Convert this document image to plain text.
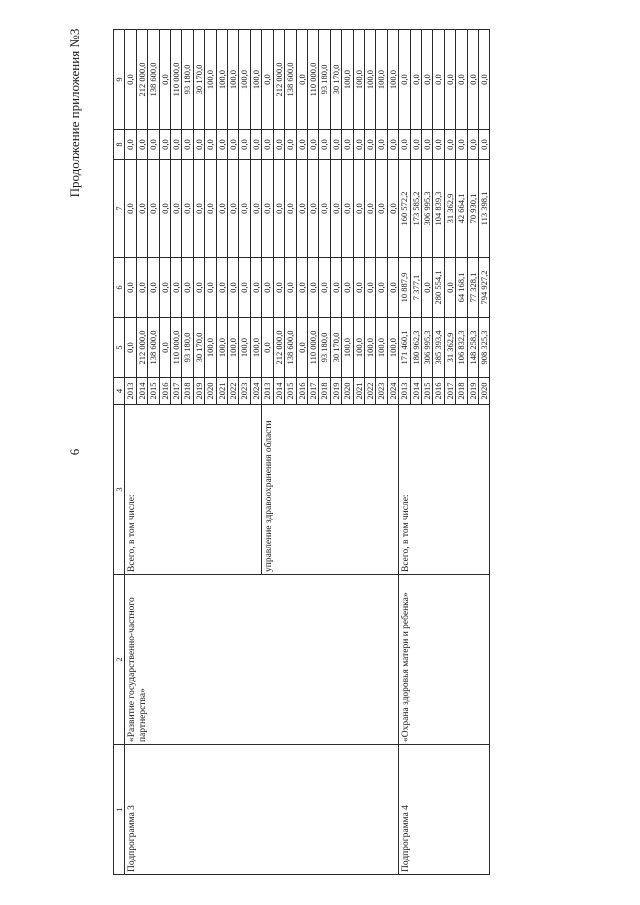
6
Продолжение приложения №3
1	2	3	4	5	6	7	8	9
Подпрограмма 3	«Развитие государственно-частного партнерства»	Всего, в том числе:	2013	0,0	0,0	0,0	0,0	0,0
			2014	212 000,0	0,0	0,0	0,0	212 000,0
			2015	138 600,0	0,0	0,0	0,0	138 600,0
			2016	0,0	0,0	0,0	0,0	0,0
			2017	110 000,0	0,0	0,0	0,0	110 000,0
			2018	93 180,0	0,0	0,0	0,0	93 180,0
			2019	30 170,0	0,0	0,0	0,0	30 170,0
			2020	100,0	0,0	0,0	0,0	100,0
			2021	100,0	0,0	0,0	0,0	100,0
			2022	100,0	0,0	0,0	0,0	100,0
			2023	100,0	0,0	0,0	0,0	100,0
			2024	100,0	0,0	0,0	0,0	100,0
		управление здравоохранения области	2013	0,0	0,0	0,0	0,0	0,0
			2014	212 000,0	0,0	0,0	0,0	212 000,0
			2015	138 600,0	0,0	0,0	0,0	138 600,0
			2016	0,0	0,0	0,0	0,0	0,0
			2017	110 000,0	0,0	0,0	0,0	110 000,0
			2018	93 180,0	0,0	0,0	0,0	93 180,0
			2019	30 170,0	0,0	0,0	0,0	30 170,0
			2020	100,0	0,0	0,0	0,0	100,0
			2021	100,0	0,0	0,0	0,0	100,0
			2022	100,0	0,0	0,0	0,0	100,0
			2023	100,0	0,0	0,0	0,0	100,0
			2024	100,0	0,0	0,0	0,0	100,0
Подпрограмма 4	«Охрана здоровья матери и ребенка»	Всего, в том числе:	2013	171 460,1	10 887,9	160 572,2	0,0	0,0
			2014	180 962,3	7 377,1	173 585,2	0,0	0,0
			2015	306 995,3	0,0	306 995,3	0,0	0,0
			2016	385 393,4	280 554,1	104 839,3	0,0	0,0
			2017	31 362,9	0,0	31 362,9	0,0	0,0
			2018	106 832,3	64 168,1	42 664,1	0,0	0,0
			2019	148 258,3	77 328,1	70 930,1	0,0	0,0
			2020	908 325,3	794 927,2	113 398,1	0,0	0,0
